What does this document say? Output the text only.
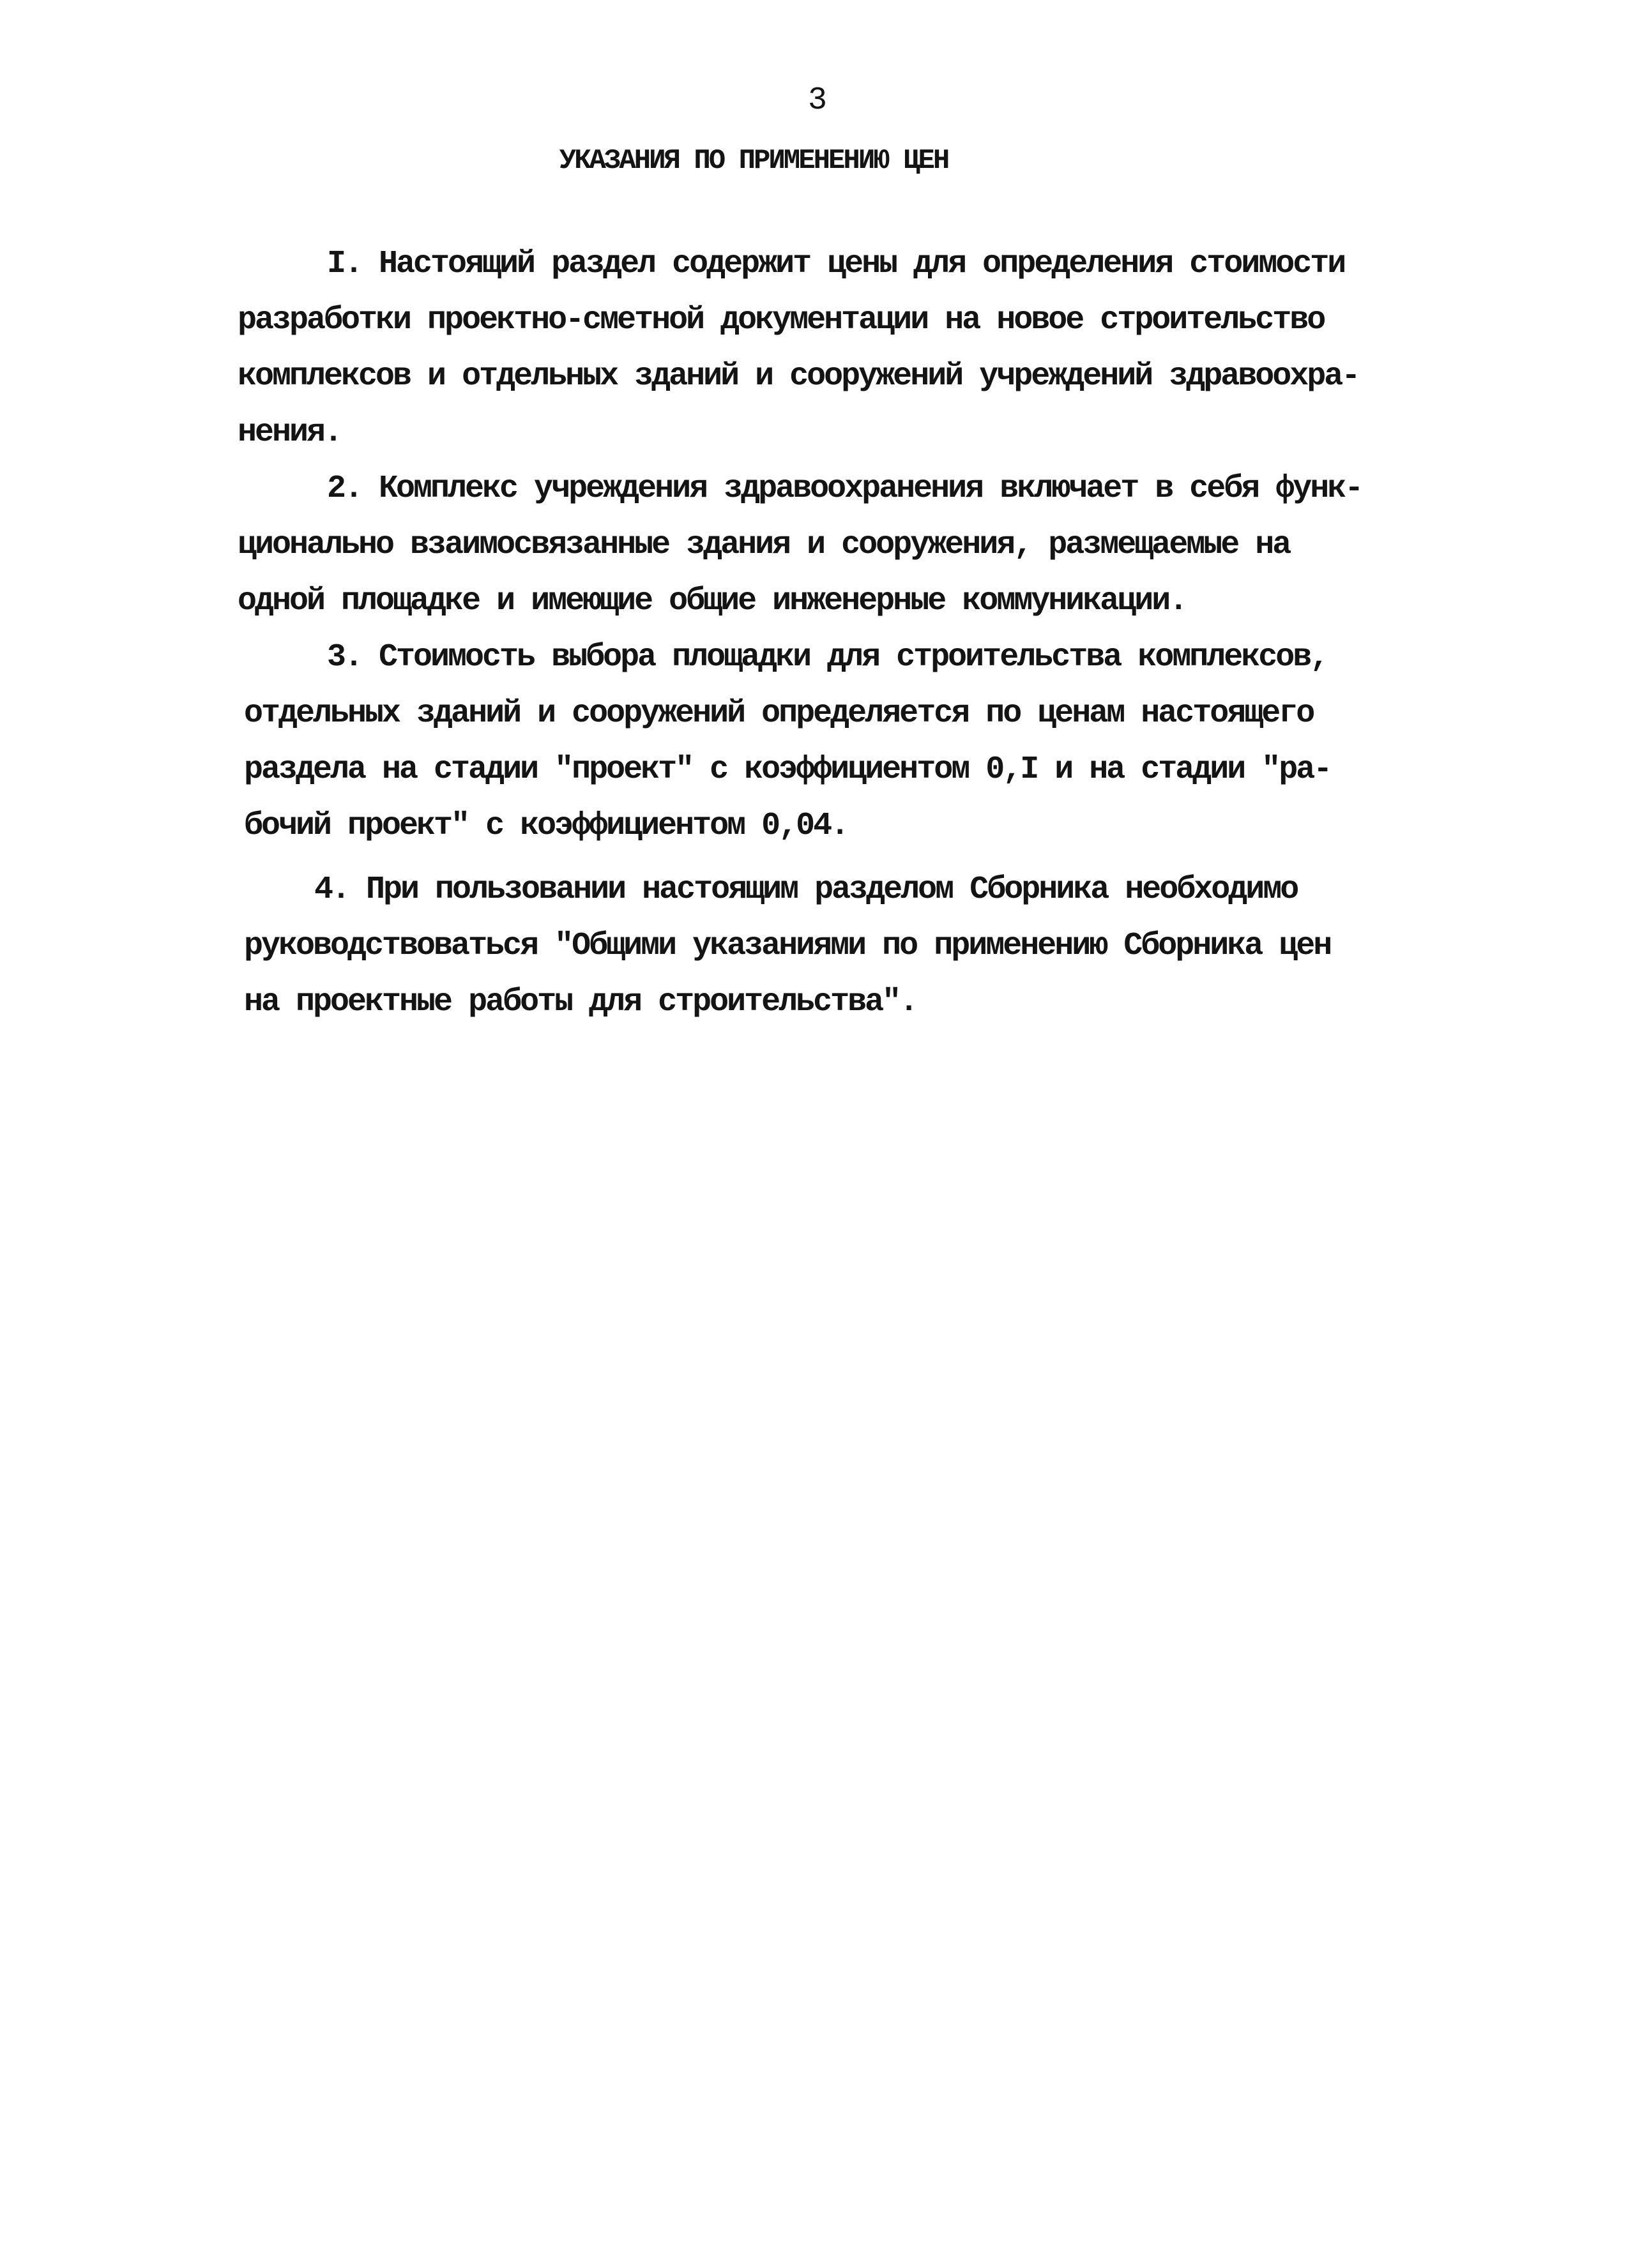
3
УКАЗАНИЯ ПО ПРИМЕНЕНИЮ ЦЕН
I. Настоящий раздел содержит цены для определения стоимости
разработки проектно-сметной документации на новое строительство
комплексов и отдельных зданий и сооружений учреждений здравоохра-
нения.
2. Комплекс учреждения здравоохранения включает в себя функ-
ционально взаимосвязанные здания и сооружения, размещаемые на
одной площадке и имеющие общие инженерные коммуникации.
3. Стоимость выбора площадки для строительства комплексов,
отдельных зданий и сооружений определяется по ценам настоящего
раздела на стадии "проект" с коэффициентом 0,I и на стадии "ра-
бочий проект" с коэффициентом 0,04.
4. При пользовании настоящим разделом Сборника необходимо
руководствоваться "Общими указаниями по применению Сборника цен
на проектные работы для строительства".
